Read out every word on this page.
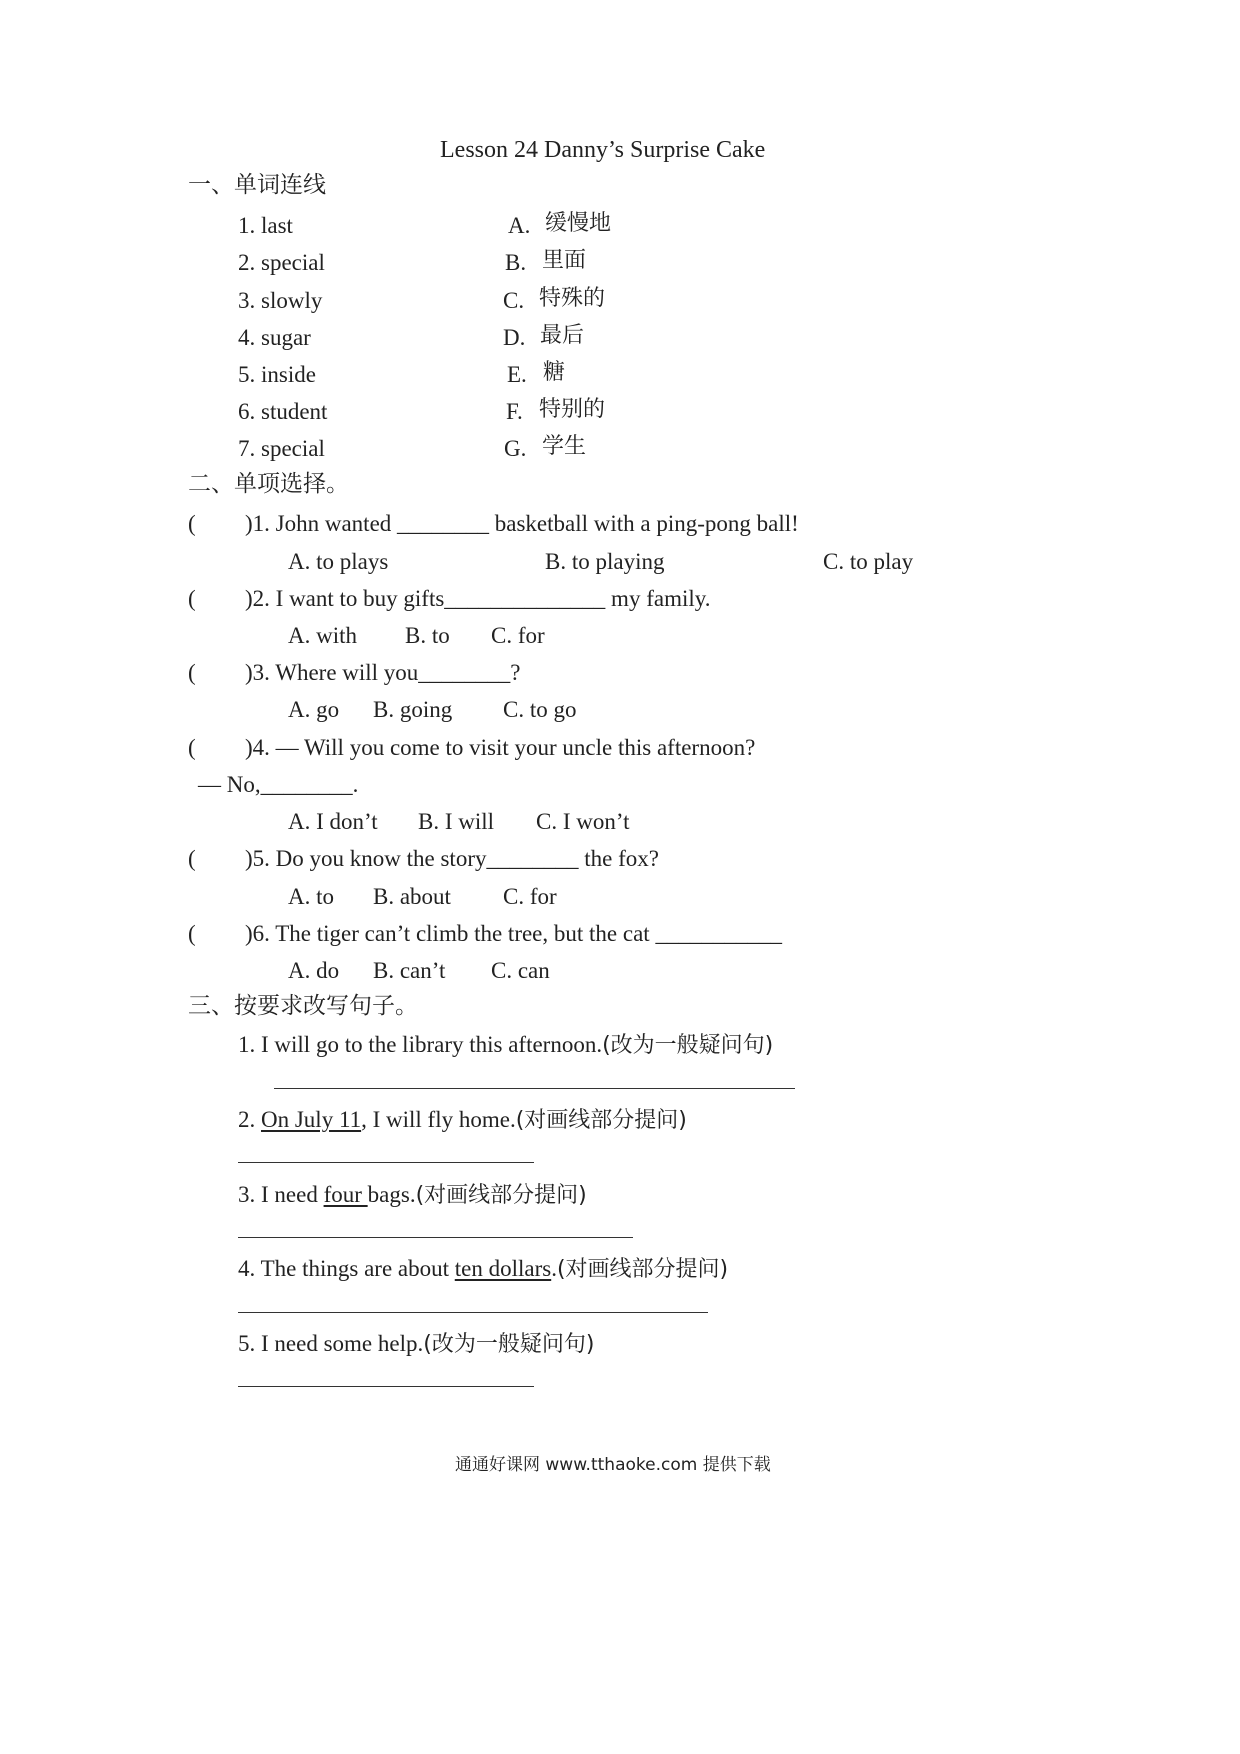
Lesson 24 Danny’s Surprise Cake
一、单词连线
1. last
2. special
3. slowly
4. sugar
5. inside
6. student
7. special
A. 缓慢地
B. 里面
C. 特殊的
D. 最后
E. 糖
F. 特别的
G. 学生
二、单项选择。
( )1. John wanted ________ basketball with a ping-pong ball!
A. to plays	B. to playing	C. to play
( )2. I want to buy gifts______________ my family.
A. with B. to C. for
( )3. Where will you________?
A. go B. going C. to go
( )4. — Will you come to visit your uncle this afternoon?
— No,________.
A. I don’t B. I will C. I won’t
( )5. Do you know the story________ the fox?
A. to B. about C. for
( )6. The tiger can’t climb the tree, but the cat ___________
A. do B. can’t C. can
三、按要求改写句子。
1. I will go to the library this afternoon.(改为一般疑问句)
2. On July 11, I will fly home.(对画线部分提问)
3. I need four bags.(对画线部分提问)
4. The things are about ten dollars.(对画线部分提问)
5. I need some help.(改为一般疑问句)
通通好课网 www.tthaoke.com 提供下载
